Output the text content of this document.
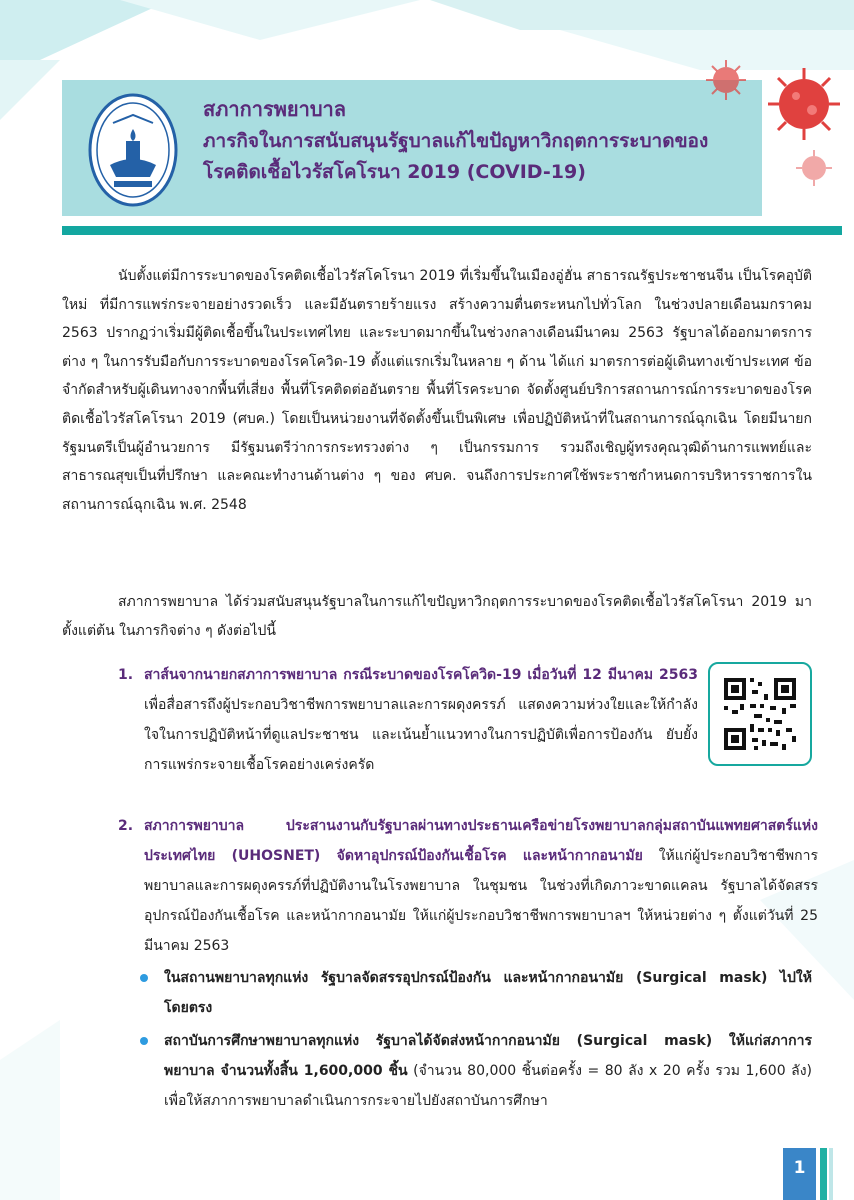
สภาการพยาบาล
ภารกิจในการสนับสนุนรัฐบาลแก้ไขปัญหาวิกฤตการระบาดของ
โรคติดเชื้อไวรัสโคโรนา 2019 (COVID-19)
นับตั้งแต่มีการระบาดของโรคติดเชื้อไวรัสโคโรนา 2019 ที่เริ่มขึ้นในเมืองอู่ฮั่น สาธารณรัฐประชาชนจีน เป็นโรคอุบัติใหม่ ที่มีการแพร่กระจายอย่างรวดเร็ว และมีอันตรายร้ายแรง สร้างความตื่นตระหนกไปทั่วโลก ในช่วงปลายเดือนมกราคม 2563 ปรากฏว่าเริ่มมีผู้ติดเชื้อขึ้นในประเทศไทย และระบาดมากขึ้นในช่วงกลางเดือนมีนาคม 2563 รัฐบาลได้ออกมาตรการต่าง ๆ ในการรับมือกับการระบาดของโรคโควิด-19 ตั้งแต่แรกเริ่มในหลาย ๆ ด้าน ได้แก่ มาตรการต่อผู้เดินทางเข้าประเทศ ข้อจำกัดสำหรับผู้เดินทางจากพื้นที่เสี่ยง พื้นที่โรคติดต่ออันตราย พื้นที่โรคระบาด จัดตั้งศูนย์บริการสถานการณ์การระบาดของโรคติดเชื้อไวรัสโคโรนา 2019 (ศบค.) โดยเป็นหน่วยงานที่จัดตั้งขึ้นเป็นพิเศษ เพื่อปฏิบัติหน้าที่ในสถานการณ์ฉุกเฉิน โดยมีนายกรัฐมนตรีเป็นผู้อำนวยการ มีรัฐมนตรีว่าการกระทรวงต่าง ๆ เป็นกรรมการ รวมถึงเชิญผู้ทรงคุณวุฒิด้านการแพทย์และสาธารณสุขเป็นที่ปรึกษา และคณะทำงานด้านต่าง ๆ ของ ศบค. จนถึงการประกาศใช้พระราชกำหนดการบริหารราชการในสถานการณ์ฉุกเฉิน พ.ศ. 2548
สภาการพยาบาล ได้ร่วมสนับสนุนรัฐบาลในการแก้ไขปัญหาวิกฤตการระบาดของโรคติดเชื้อไวรัสโคโรนา 2019 มาตั้งแต่ต้น ในภารกิจต่าง ๆ ดังต่อไปนี้
1. สาส์นจากนายกสภาการพยาบาล กรณีระบาดของโรคโควิด-19 เมื่อวันที่ 12 มีนาคม 2563 เพื่อสื่อสารถึงผู้ประกอบวิชาชีพการพยาบาลและการผดุงครรภ์ แสดงความห่วงใยและให้กำลังใจในการปฏิบัติหน้าที่ดูแลประชาชน และเน้นย้ำแนวทางในการปฏิบัติเพื่อการป้องกัน ยับยั้งการแพร่กระจายเชื้อโรคอย่างเคร่งครัด
2. สภาการพยาบาล ประสานงานกับรัฐบาลผ่านทางประธานเครือข่ายโรงพยาบาลกลุ่มสถาบันแพทยศาสตร์แห่งประเทศไทย (UHOSNET) จัดหาอุปกรณ์ป้องกันเชื้อโรค และหน้ากากอนามัย ให้แก่ผู้ประกอบวิชาชีพการพยาบาลและการผดุงครรภ์ที่ปฏิบัติงานในโรงพยาบาล ในชุมชน ในช่วงที่เกิดภาวะขาดแคลน รัฐบาลได้จัดสรรอุปกรณ์ป้องกันเชื้อโรค และหน้ากากอนามัย ให้แก่ผู้ประกอบวิชาชีพการพยาบาลฯ ให้หน่วยต่าง ๆ ตั้งแต่วันที่ 25 มีนาคม 2563
ในสถานพยาบาลทุกแห่ง รัฐบาลจัดสรรอุปกรณ์ป้องกัน และหน้ากากอนามัย (Surgical mask) ไปให้โดยตรง
สถาบันการศึกษาพยาบาลทุกแห่ง รัฐบาลได้จัดส่งหน้ากากอนามัย (Surgical mask) ให้แก่สภาการพยาบาล จำนวนทั้งสิ้น 1,600,000 ชิ้น (จำนวน 80,000 ชิ้นต่อครั้ง = 80 ลัง x 20 ครั้ง รวม 1,600 ลัง) เพื่อให้สภาการพยาบาลดำเนินการกระจายไปยังสถาบันการศึกษา
1
